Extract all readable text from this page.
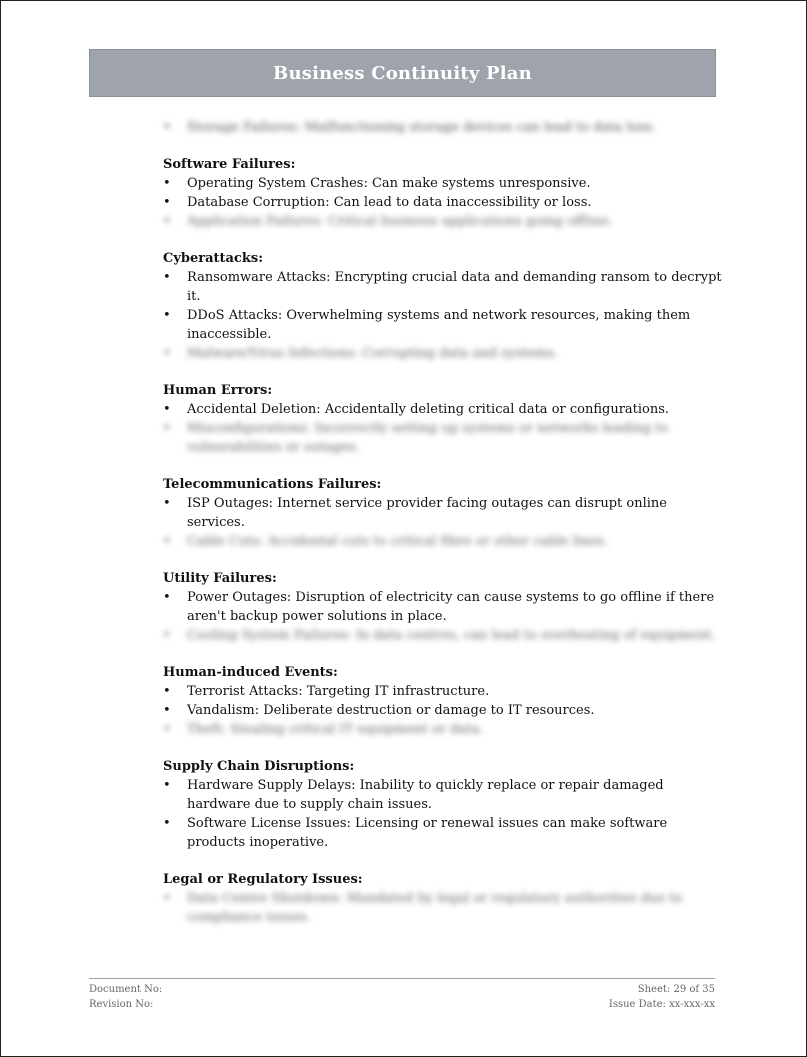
Business Continuity Plan
•	Storage Failures: Malfunctioning storage devices can lead to data loss.
Software Failures:
•	Operating System Crashes: Can make systems unresponsive.
•	Database Corruption: Can lead to data inaccessibility or loss.
•	Application Failures: Critical business applications going offline.
Cyberattacks:
•	Ransomware Attacks: Encrypting crucial data and demanding ransom to decrypt it.
•	DDoS Attacks: Overwhelming systems and network resources, making them inaccessible.
•	Malware/Virus Infections: Corrupting data and systems.
Human Errors:
•	Accidental Deletion: Accidentally deleting critical data or configurations.
•	Misconfigurations: Incorrectly setting up systems or networks leading to vulnerabilities or outages.
Telecommunications Failures:
•	ISP Outages: Internet service provider facing outages can disrupt online services.
•	Cable Cuts: Accidental cuts to critical fibre or other cable lines.
Utility Failures:
•	Power Outages: Disruption of electricity can cause systems to go offline if there aren't backup power solutions in place.
•	Cooling System Failures: In data centres, can lead to overheating of equipment.
Human-induced Events:
•	Terrorist Attacks: Targeting IT infrastructure.
•	Vandalism: Deliberate destruction or damage to IT resources.
•	Theft: Stealing critical IT equipment or data.
Supply Chain Disruptions:
•	Hardware Supply Delays: Inability to quickly replace or repair damaged hardware due to supply chain issues.
•	Software License Issues: Licensing or renewal issues can make software products inoperative.
Legal or Regulatory Issues:
•	Data Centre Shutdown: Mandated by legal or regulatory authorities due to compliance issues.
Document No:	Sheet: 29 of 35
Revision No:	Issue Date: xx-xxx-xx
